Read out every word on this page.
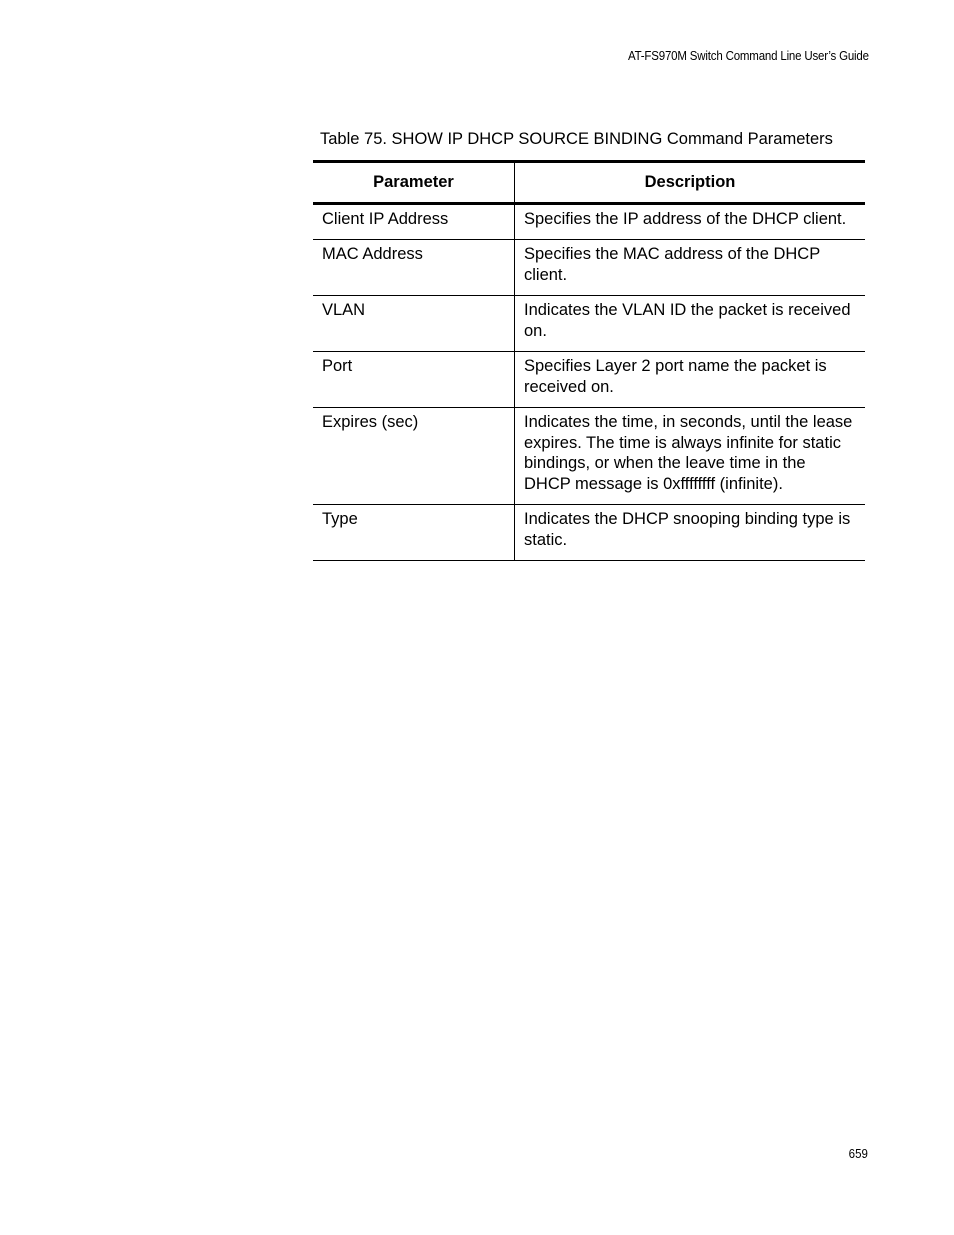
AT-FS970M Switch Command Line User’s Guide
Table 75. SHOW IP DHCP SOURCE BINDING Command Parameters
Parameter	Description
Client IP Address	Specifies the IP address of the DHCP client.
MAC Address	Specifies the MAC address of the DHCP client.
VLAN	Indicates the VLAN ID the packet is received on.
Port	Specifies Layer 2 port name the packet is received on.
Expires (sec)	Indicates the time, in seconds, until the lease expires. The time is always infinite for static bindings, or when the leave time in the DHCP message is 0xffffffff (infinite).
Type	Indicates the DHCP snooping binding type is static.
659
